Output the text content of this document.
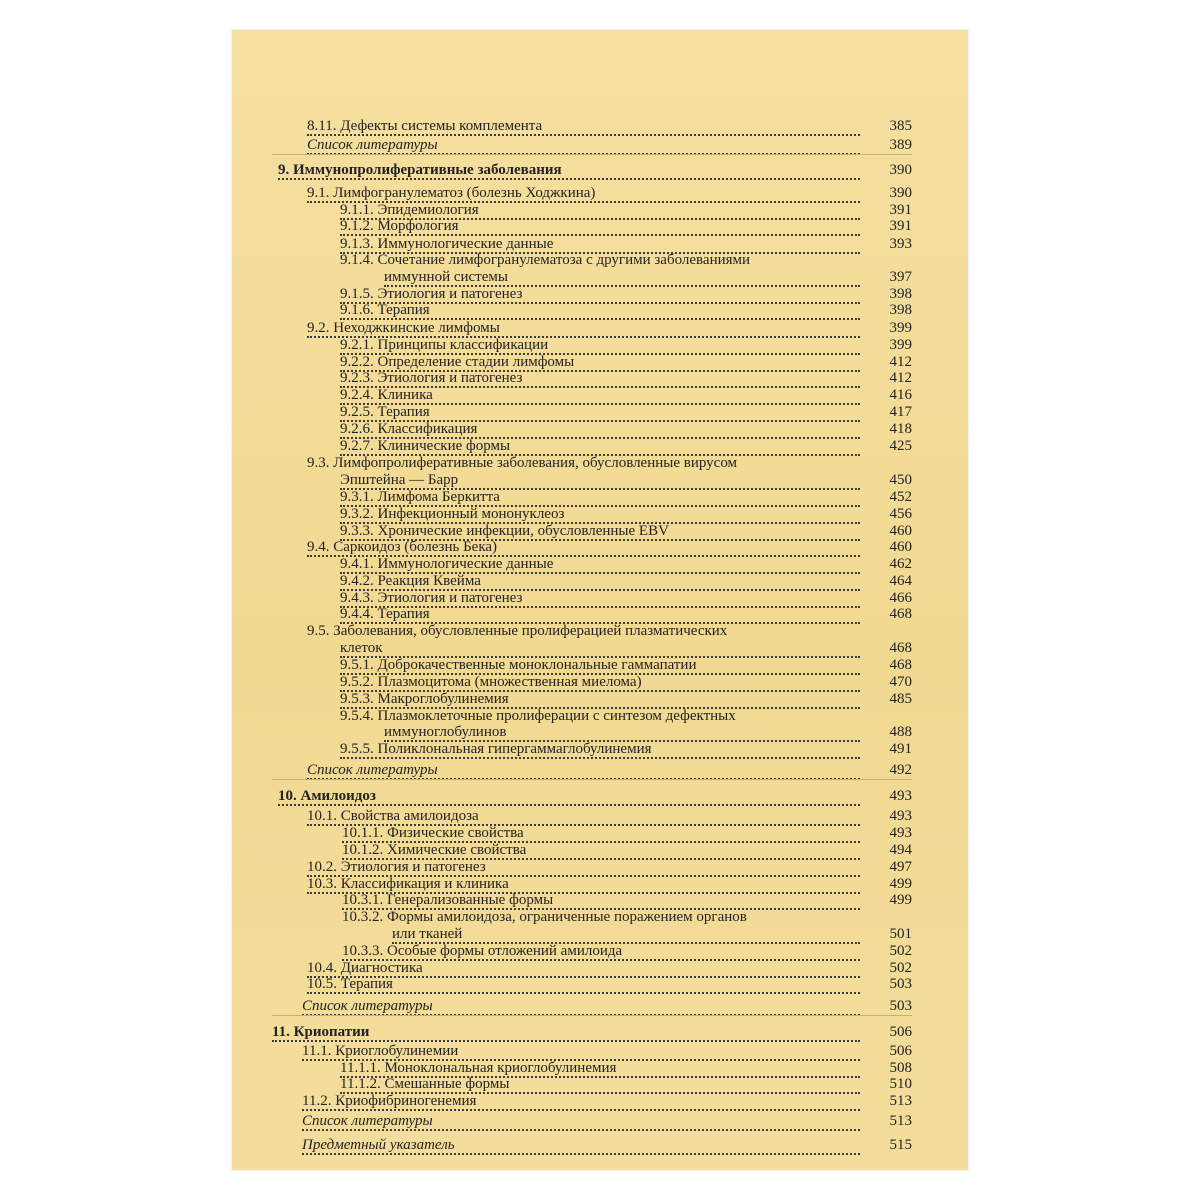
8.11. Дефекты системы комплемента	385
Список литературы	389
9. Иммунопролиферативные заболевания	390
9.1. Лимфогранулематоз (болезнь Ходжкина)	390
9.1.1. Эпидемиология	391
9.1.2. Морфология	391
9.1.3. Иммунологические данные	393
9.1.4. Сочетание лимфогранулематоза с другими заболеваниями
иммунной системы	397
9.1.5. Этиология и патогенез	398
9.1.6. Терапия	398
9.2. Неходжкинские лимфомы	399
9.2.1. Принципы классификации	399
9.2.2. Определение стадии лимфомы	412
9.2.3. Этиология и патогенез	412
9.2.4. Клиника	416
9.2.5. Терапия	417
9.2.6. Классификация	418
9.2.7. Клинические формы	425
9.3. Лимфопролиферативные заболевания, обусловленные вирусом
Эпштейна — Барр	450
9.3.1. Лимфома Беркитта	452
9.3.2. Инфекционный мононуклеоз	456
9.3.3. Хронические инфекции, обусловленные EBV	460
9.4. Саркоидоз (болезнь Бека)	460
9.4.1. Иммунологические данные	462
9.4.2. Реакция Квейма	464
9.4.3. Этиология и патогенез	466
9.4.4. Терапия	468
9.5. Заболевания, обусловленные пролиферацией плазматических
клеток	468
9.5.1. Доброкачественные моноклональные гаммапатии	468
9.5.2. Плазмоцитома (множественная миелома)	470
9.5.3. Макроглобулинемия	485
9.5.4. Плазмоклеточные пролиферации с синтезом дефектных
иммуноглобулинов	488
9.5.5. Поликлональная гипергаммаглобулинемия	491
Список литературы	492
10. Амилоидоз	493
10.1. Свойства амилоидоза	493
10.1.1. Физические свойства	493
10.1.2. Химические свойства	494
10.2. Этиология и патогенез	497
10.3. Классификация и клиника	499
10.3.1. Генерализованные формы	499
10.3.2. Формы амилоидоза, ограниченные поражением органов
или тканей	501
10.3.3. Особые формы отложений амилоида	502
10.4. Диагностика	502
10.5. Терапия	503
Список литературы	503
11. Криопатии	506
11.1. Криоглобулинемии	506
11.1.1. Моноклональная криоглобулинемия	508
11.1.2. Смешанные формы	510
11.2. Криофибриногенемия	513
Список литературы	513
Предметный указатель	515
